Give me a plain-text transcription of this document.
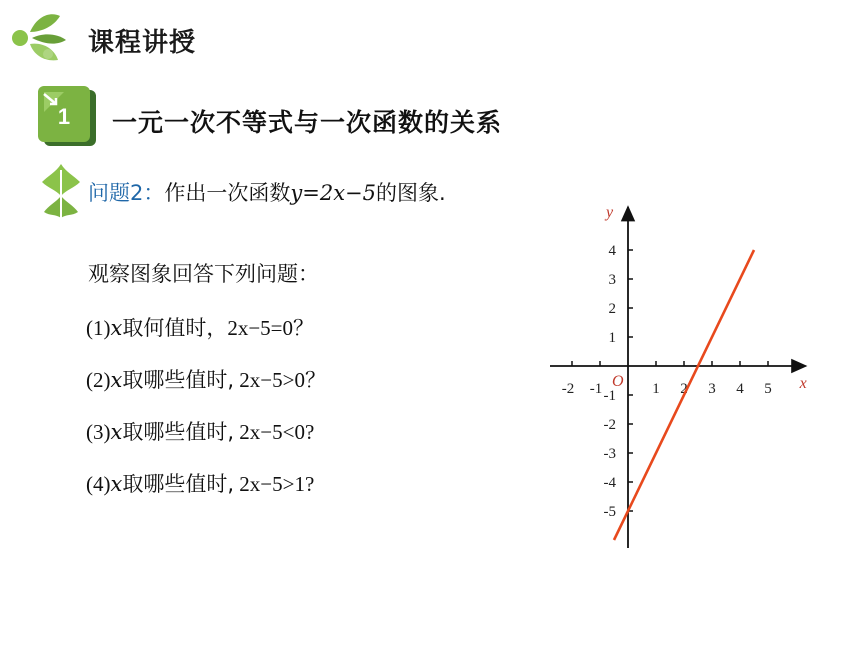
课程讲授
1 一元一次不等式与一次函数的关系
问题2：作出一次函数y=2x−5的图象.
观察图象回答下列问题：
(1)x取何值时，2x−5=0？
(2)x取哪些值时, 2x−5>0？
(3)x取哪些值时, 2x−5<0?
(4)x取哪些值时, 2x−5>1?
-2 -1	1 2 3 4 5
4
3
2
1
-1
-2
-3
-4
-5
O	x
y
